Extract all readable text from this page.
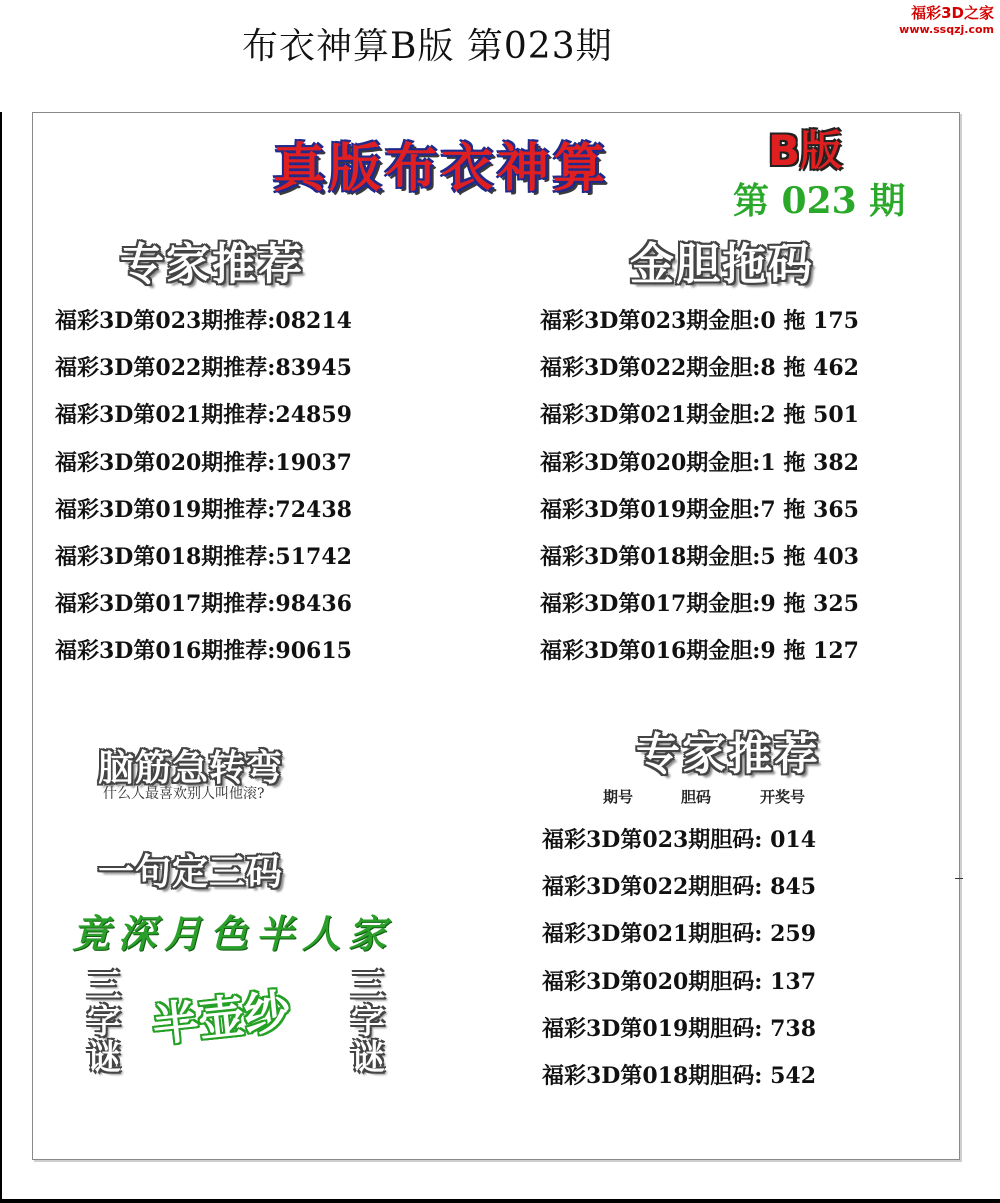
布衣神算B版 第023期
福彩3D之家
www.ssqzj.com
真版布衣神算	B版
第 023 期
专家推荐
福彩3D第023期推荐:08214
福彩3D第022期推荐:83945
福彩3D第021期推荐:24859
福彩3D第020期推荐:19037
福彩3D第019期推荐:72438
福彩3D第018期推荐:51742
福彩3D第017期推荐:98436
福彩3D第016期推荐:90615
金胆拖码
福彩3D第023期金胆:0 拖 175
福彩3D第022期金胆:8 拖 462
福彩3D第021期金胆:2 拖 501
福彩3D第020期金胆:1 拖 382
福彩3D第019期金胆:7 拖 365
福彩3D第018期金胆:5 拖 403
福彩3D第017期金胆:9 拖 325
福彩3D第016期金胆:9 拖 127
专家推荐
期号	胆码	开奖号
福彩3D第023期胆码: 014
福彩3D第022期胆码: 845
福彩3D第021期胆码: 259
福彩3D第020期胆码: 137
福彩3D第019期胆码: 738
福彩3D第018期胆码: 542
脑筋急转弯
什么人最喜欢别人叫他滚?
一句定三码
竟深月色半人家
三字谜
半壶纱 三字谜
